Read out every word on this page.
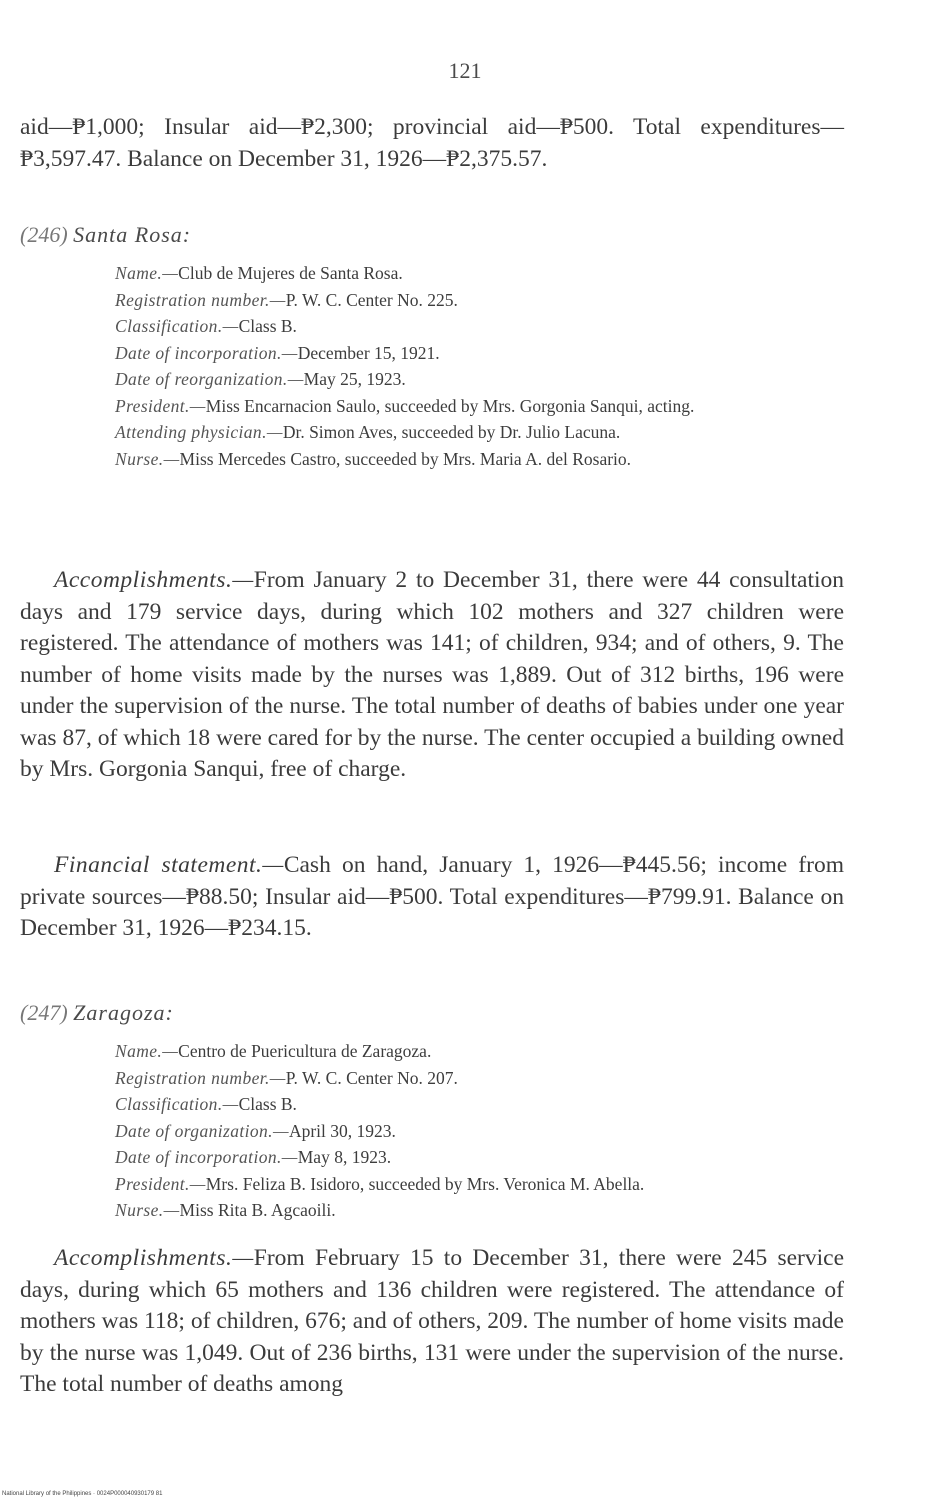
121

aid—₱1,000; Insular aid—₱2,300; provincial aid—₱500. Total expenditures—₱3,597.47. Balance on December 31, 1926—₱2,375.57.

(246) Santa Rosa:

Name.—Club de Mujeres de Santa Rosa.

Registration number.—P. W. C. Center No. 225.

Classification.—Class B.

Date of incorporation.—December 15, 1921.

Date of reorganization.—May 25, 1923.

President.—Miss Encarnacion Saulo, succeeded by Mrs. Gorgonia Sanqui, acting.

Attending physician.—Dr. Simon Aves, succeeded by Dr. Julio Lacuna.

Nurse.—Miss Mercedes Castro, succeeded by Mrs. Maria A. del Rosario.

Accomplishments.—From January 2 to December 31, there were 44 consultation days and 179 service days, during which 102 mothers and 327 children were registered. The attendance of mothers was 141; of children, 934; and of others, 9. The number of home visits made by the nurses was 1,889. Out of 312 births, 196 were under the supervision of the nurse. The total number of deaths of babies under one year was 87, of which 18 were cared for by the nurse. The center occupied a building owned by Mrs. Gorgonia Sanqui, free of charge.

Financial statement.—Cash on hand, January 1, 1926—₱445.56; income from private sources—₱88.50; Insular aid—₱500. Total expenditures—₱799.91. Balance on December 31, 1926—₱234.15.

(247) Zaragoza:

Name.—Centro de Puericultura de Zaragoza.

Registration number.—P. W. C. Center No. 207.

Classification.—Class B.

Date of organization.—April 30, 1923.

Date of incorporation.—May 8, 1923.

President.—Mrs. Feliza B. Isidoro, succeeded by Mrs. Veronica M. Abella.

Nurse.—Miss Rita B. Agcaoili.

Accomplishments.—From February 15 to December 31, there were 245 service days, during which 65 mothers and 136 children were registered. The attendance of mothers was 118; of children, 676; and of others, 209. The number of home visits made by the nurse was 1,049. Out of 236 births, 131 were under the supervision of the nurse. The total number of deaths among

National Library of the Philippines · 0024P000040930179 81
